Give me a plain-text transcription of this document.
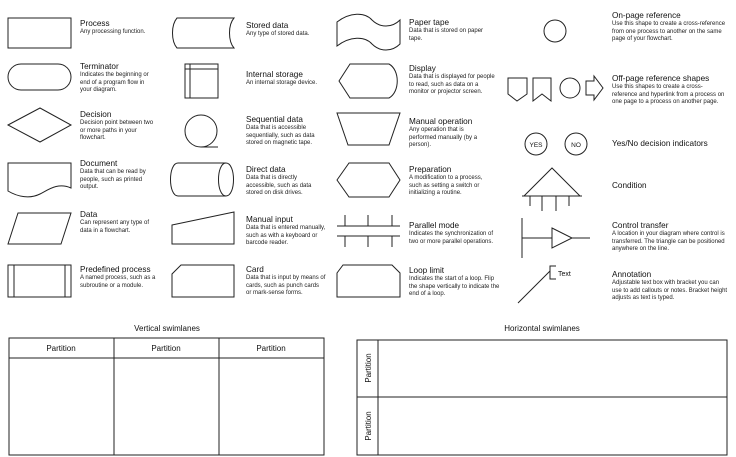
YES	NO
Text
Partition	Partition	Partition
Partition
Partition
Process
Any processing function.
Terminator
Indicates the beginning or end of a program flow in your diagram.
Decision
Decision point between two or more paths in your flowchart.
Document
Data that can be read by people, such as printed output.
Data
Can represent any type of data in a flowchart.
Predefined process
A named process, such as a subroutine or a module.
Stored data
Any type of stored data.
Internal storage
An internal storage device.
Sequential data
Data that is accessible sequentially, such as data stored on magnetic tape.
Direct data
Data that is directly accessible, such as data stored on disk drives.
Manual input
Data that is entered manually, such as with a keyboard or barcode reader.
Card
Data that is input by means of cards, such as punch cards or mark-sense forms.
Paper tape
Data that is stored on paper tape.
Display
Data that is displayed for people to read, such as data on a monitor or projector screen.
Manual operation
Any operation that is performed manually (by a person).
Preparation
A modification to a process, such as setting a switch or initializing a routine.
Parallel mode
Indicates the synchronization of two or more parallel operations.
Loop limit
Indicates the start of a loop. Flip the shape vertically to indicate the end of a loop.
On-page reference
Use this shape to create a cross-reference from one process to another on the same page of your flowchart.
Off-page reference shapes
Use this shapes to create a cross-reference and hyperlink from a process on one page to a process on another page.
Yes/No decision indicators
Condition
Control transfer
A location in your diagram where control is transferred. The triangle can be positioned anywhere on the line.
Annotation
Adjustable text box with bracket you can use to add callouts or notes. Bracket height adjusts as text is typed.
Vertical swimlanes	Horizontal swimlanes
